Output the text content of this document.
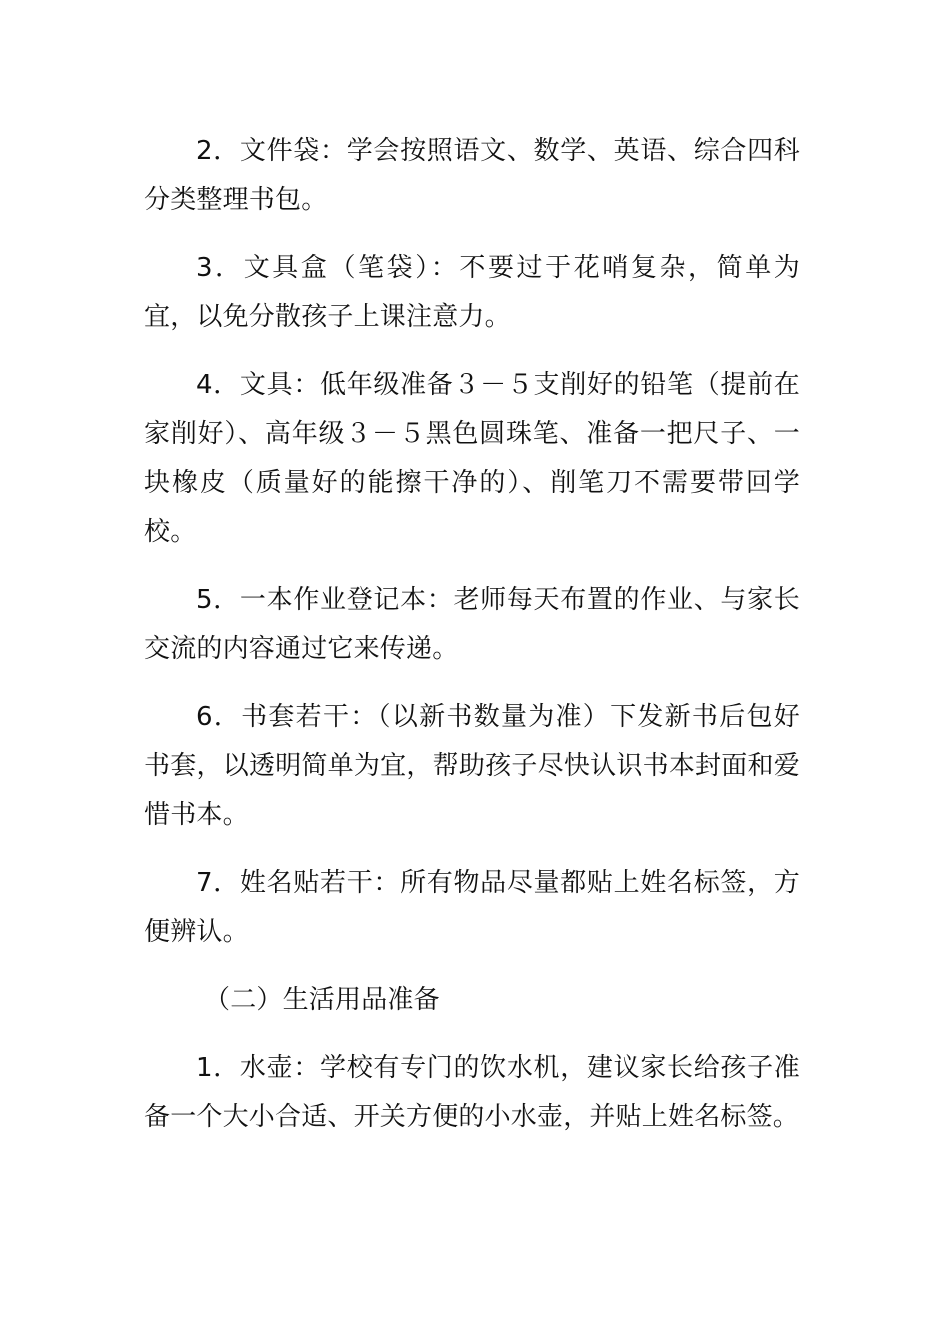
2．文件袋：学会按照语文、数学、英语、综合四科分类整理书包。

3．文具盒（笔袋）：不要过于花哨复杂，简单为宜，以免分散孩子上课注意力。

4．文具：低年级准备３－５支削好的铅笔（提前在家削好）、高年级３－５黑色圆珠笔、准备一把尺子、一块橡皮（质量好的能擦干净的）、削笔刀不需要带回学校。

5．一本作业登记本：老师每天布置的作业、与家长交流的内容通过它来传递。

6．书套若干：（以新书数量为准）下发新书后包好书套，以透明简单为宜，帮助孩子尽快认识书本封面和爱惜书本。

7．姓名贴若干：所有物品尽量都贴上姓名标签，方便辨认。

（二）生活用品准备

1．水壶：学校有专门的饮水机，建议家长给孩子准备一个大小合适、开关方便的小水壶，并贴上姓名标签。
